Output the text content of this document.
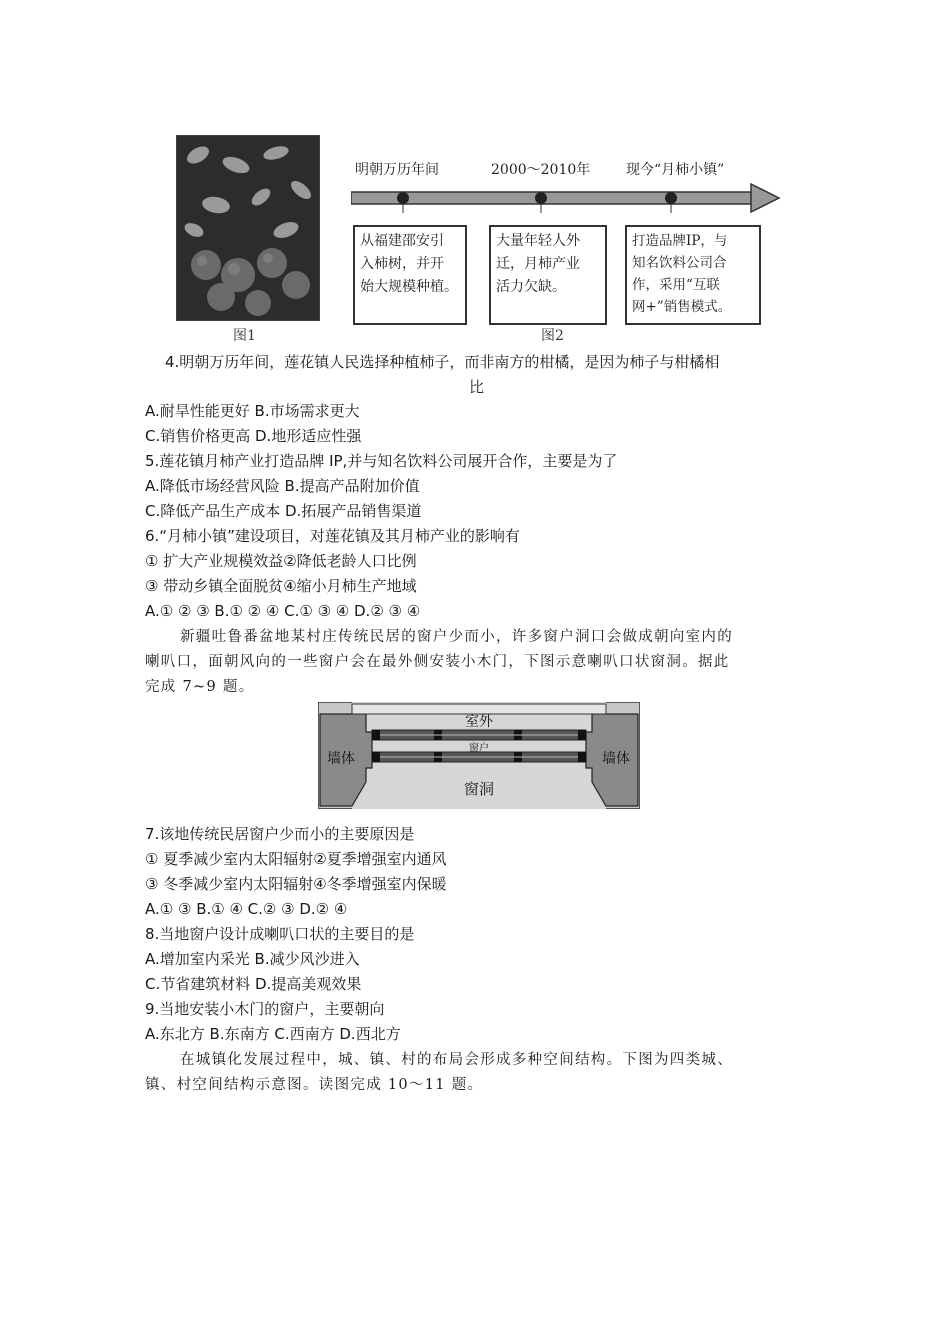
图1
明朝万历年间	2000～2010年	现今“月柿小镇”
从福建邵安引
入柿树，并开
始大规模种植。
大量年轻人外
迁，月柿产业
活力欠缺。
打造品牌IP，与
知名饮料公司合
作，采用“互联
网+”销售模式。
图2
4.明朝万历年间，莲花镇人民选择种植柿子，而非南方的柑橘，是因为柿子与柑橘相
比
A.耐旱性能更好 B.市场需求更大
C.销售价格更高 D.地形适应性强
5.莲花镇月柿产业打造品牌 IP,并与知名饮料公司展开合作，主要是为了
A.降低市场经营风险 B.提高产品附加价值
C.降低产品生产成本 D.拓展产品销售渠道
6.“月柿小镇”建设项目，对莲花镇及其月柿产业的影响有
① 扩大产业规模效益②降低老龄人口比例
③ 带动乡镇全面脱贫④缩小月柿生产地域
A.① ② ③ B.① ② ④ C.① ③ ④ D.② ③ ④
新疆吐鲁番盆地某村庄传统民居的窗户少而小，许多窗户洞口会做成朝向室内的
喇叭口，面朝风向的一些窗户会在最外侧安装小木门，下图示意喇叭口状窗洞。据此
完成 7~9 题。
室外
窗户
墙体	墙体
窗洞
7.该地传统民居窗户少而小的主要原因是
① 夏季减少室内太阳辐射②夏季增强室内通风
③ 冬季减少室内太阳辐射④冬季增强室内保暖
A.① ③ B.① ④ C.② ③ D.② ④
8.当地窗户设计成喇叭口状的主要目的是
A.增加室内采光 B.减少风沙进入
C.节省建筑材料 D.提高美观效果
9.当地安装小木门的窗户，主要朝向
A.东北方 B.东南方 C.西南方 D.西北方
在城镇化发展过程中，城、镇、村的布局会形成多种空间结构。下图为四类城、
镇、村空间结构示意图。读图完成 10～11 题。
